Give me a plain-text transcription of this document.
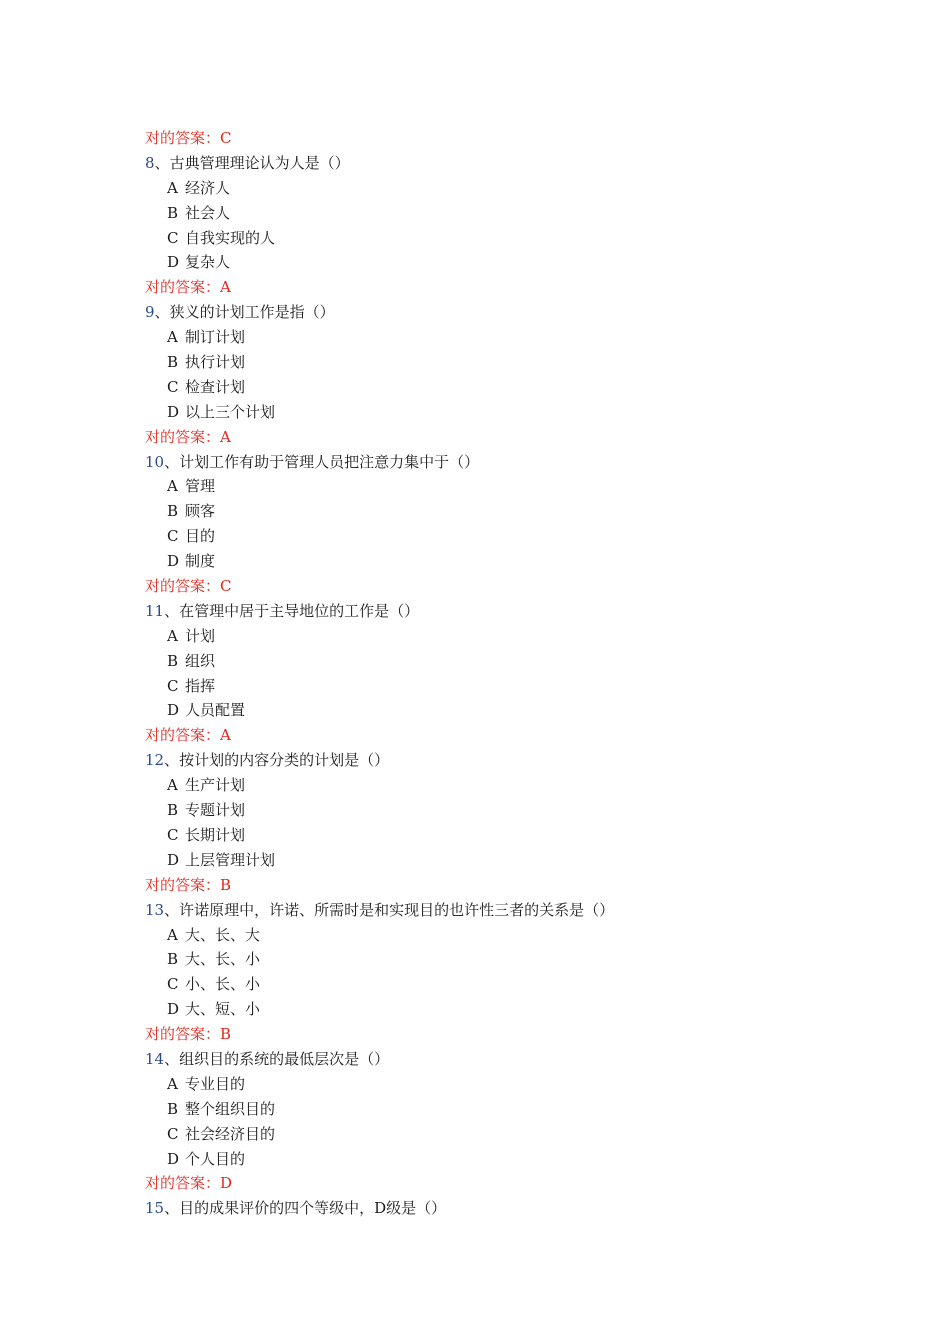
对的答案：C
8、古典管理理论认为人是（）
A 经济人
B 社会人
C 自我实现的人
D 复杂人
对的答案：A
9、狭义的计划工作是指（）
A 制订计划
B 执行计划
C 检查计划
D 以上三个计划
对的答案：A
10、计划工作有助于管理人员把注意力集中于（）
A 管理
B 顾客
C 目的
D 制度
对的答案：C
11、在管理中居于主导地位的工作是（）
A 计划
B 组织
C 指挥
D 人员配置
对的答案：A
12、按计划的内容分类的计划是（）
A 生产计划
B 专题计划
C 长期计划
D 上层管理计划
对的答案：B
13、许诺原理中，许诺、所需时是和实现目的也许性三者的关系是（）
A 大、长、大
B 大、长、小
C 小、长、小
D 大、短、小
对的答案：B
14、组织目的系统的最低层次是（）
A 专业目的
B 整个组织目的
C 社会经济目的
D 个人目的
对的答案：D
15、目的成果评价的四个等级中，D级是（）
